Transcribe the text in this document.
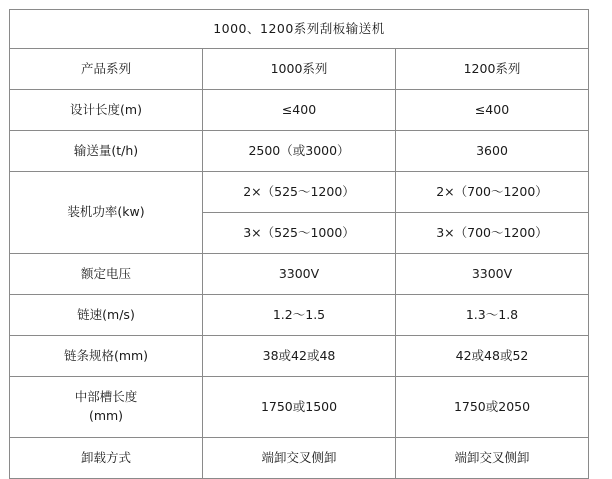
1000、1200系列刮板输送机		
产品系列	1000系列	1200系列
设计长度(m)	≤400	≤400
输送量(t/h)	2500（或3000）	3600
装机功率(kw)	2×（525～1200）	2×（700～1200）
	3×（525～1000）	3×（700～1200）
额定电压	3300V	3300V
链速(m/s)	1.2～1.5	1.3～1.8
链条规格(mm)	38或42或48	42或48或52

中部槽长度
(mm)	1750或1500	1750或2050
卸载方式	端卸交叉侧卸	端卸交叉侧卸
